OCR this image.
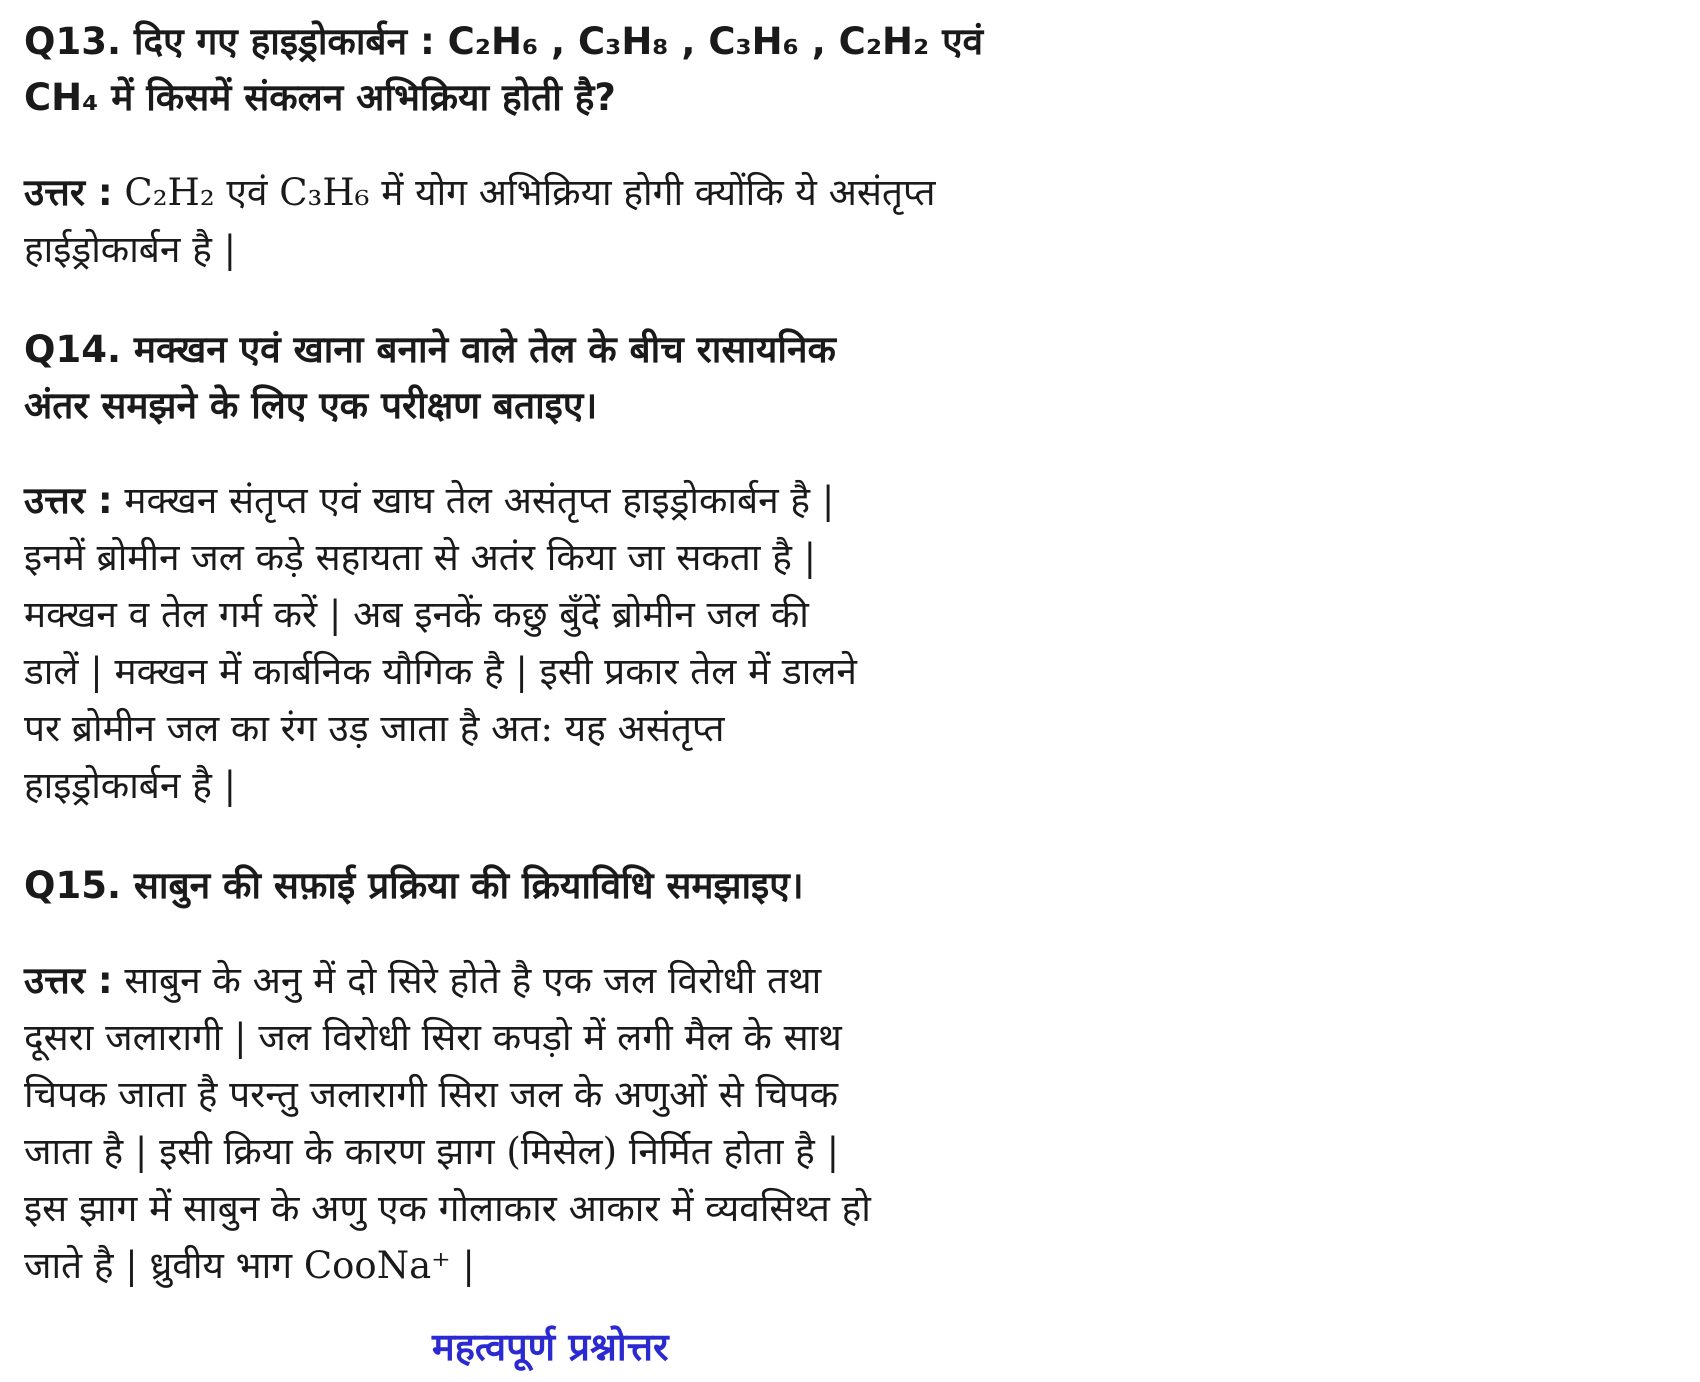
Q13. दिए गए हाइड्रोकार्बन : C₂H₆ , C₃H₈ , C₃H₆ , C₂H₂ एवं
CH₄ में किसमें संकलन अभिक्रिया होती है?

उत्तर : C₂H₂ एवं C₃H₆ में योग अभिक्रिया होगी क्योंकि ये असंतृप्त
हाईड्रोकार्बन है |

Q14. मक्खन एवं खाना बनाने वाले तेल के बीच रासायनिक
अंतर समझने के लिए एक परीक्षण बताइए।

उत्तर : मक्खन संतृप्त एवं खाघ तेल असंतृप्त हाइड्रोकार्बन है |
इनमें ब्रोमीन जल कड़े सहायता से अतंर किया जा सकता है |
मक्खन व तेल गर्म करें | अब इनकें कछु बुँदें ब्रोमीन जल की
डालें | मक्खन में कार्बनिक यौगिक है | इसी प्रकार तेल में डालने
पर ब्रोमीन जल का रंग उड़ जाता है अत: यह असंतृप्त
हाइड्रोकार्बन है |

Q15. साबुन की सफ़ाई प्रक्रिया की क्रियाविधि समझाइए।

उत्तर : साबुन के अनु में दो सिरे होते है एक जल विरोधी तथा
दूसरा जलारागी | जल विरोधी सिरा कपड़ो में लगी मैल के साथ
चिपक जाता है परन्तु जलारागी सिरा जल के अणुओं से चिपक
जाता है | इसी क्रिया के कारण झाग (मिसेल) निर्मित होता है |
इस झाग में साबुन के अणु एक गोलाकार आकार में व्यवसिथ्त हो
जाते है | ध्रुवीय भाग CooNa⁺ |

महत्वपूर्ण प्रश्नोत्तर
